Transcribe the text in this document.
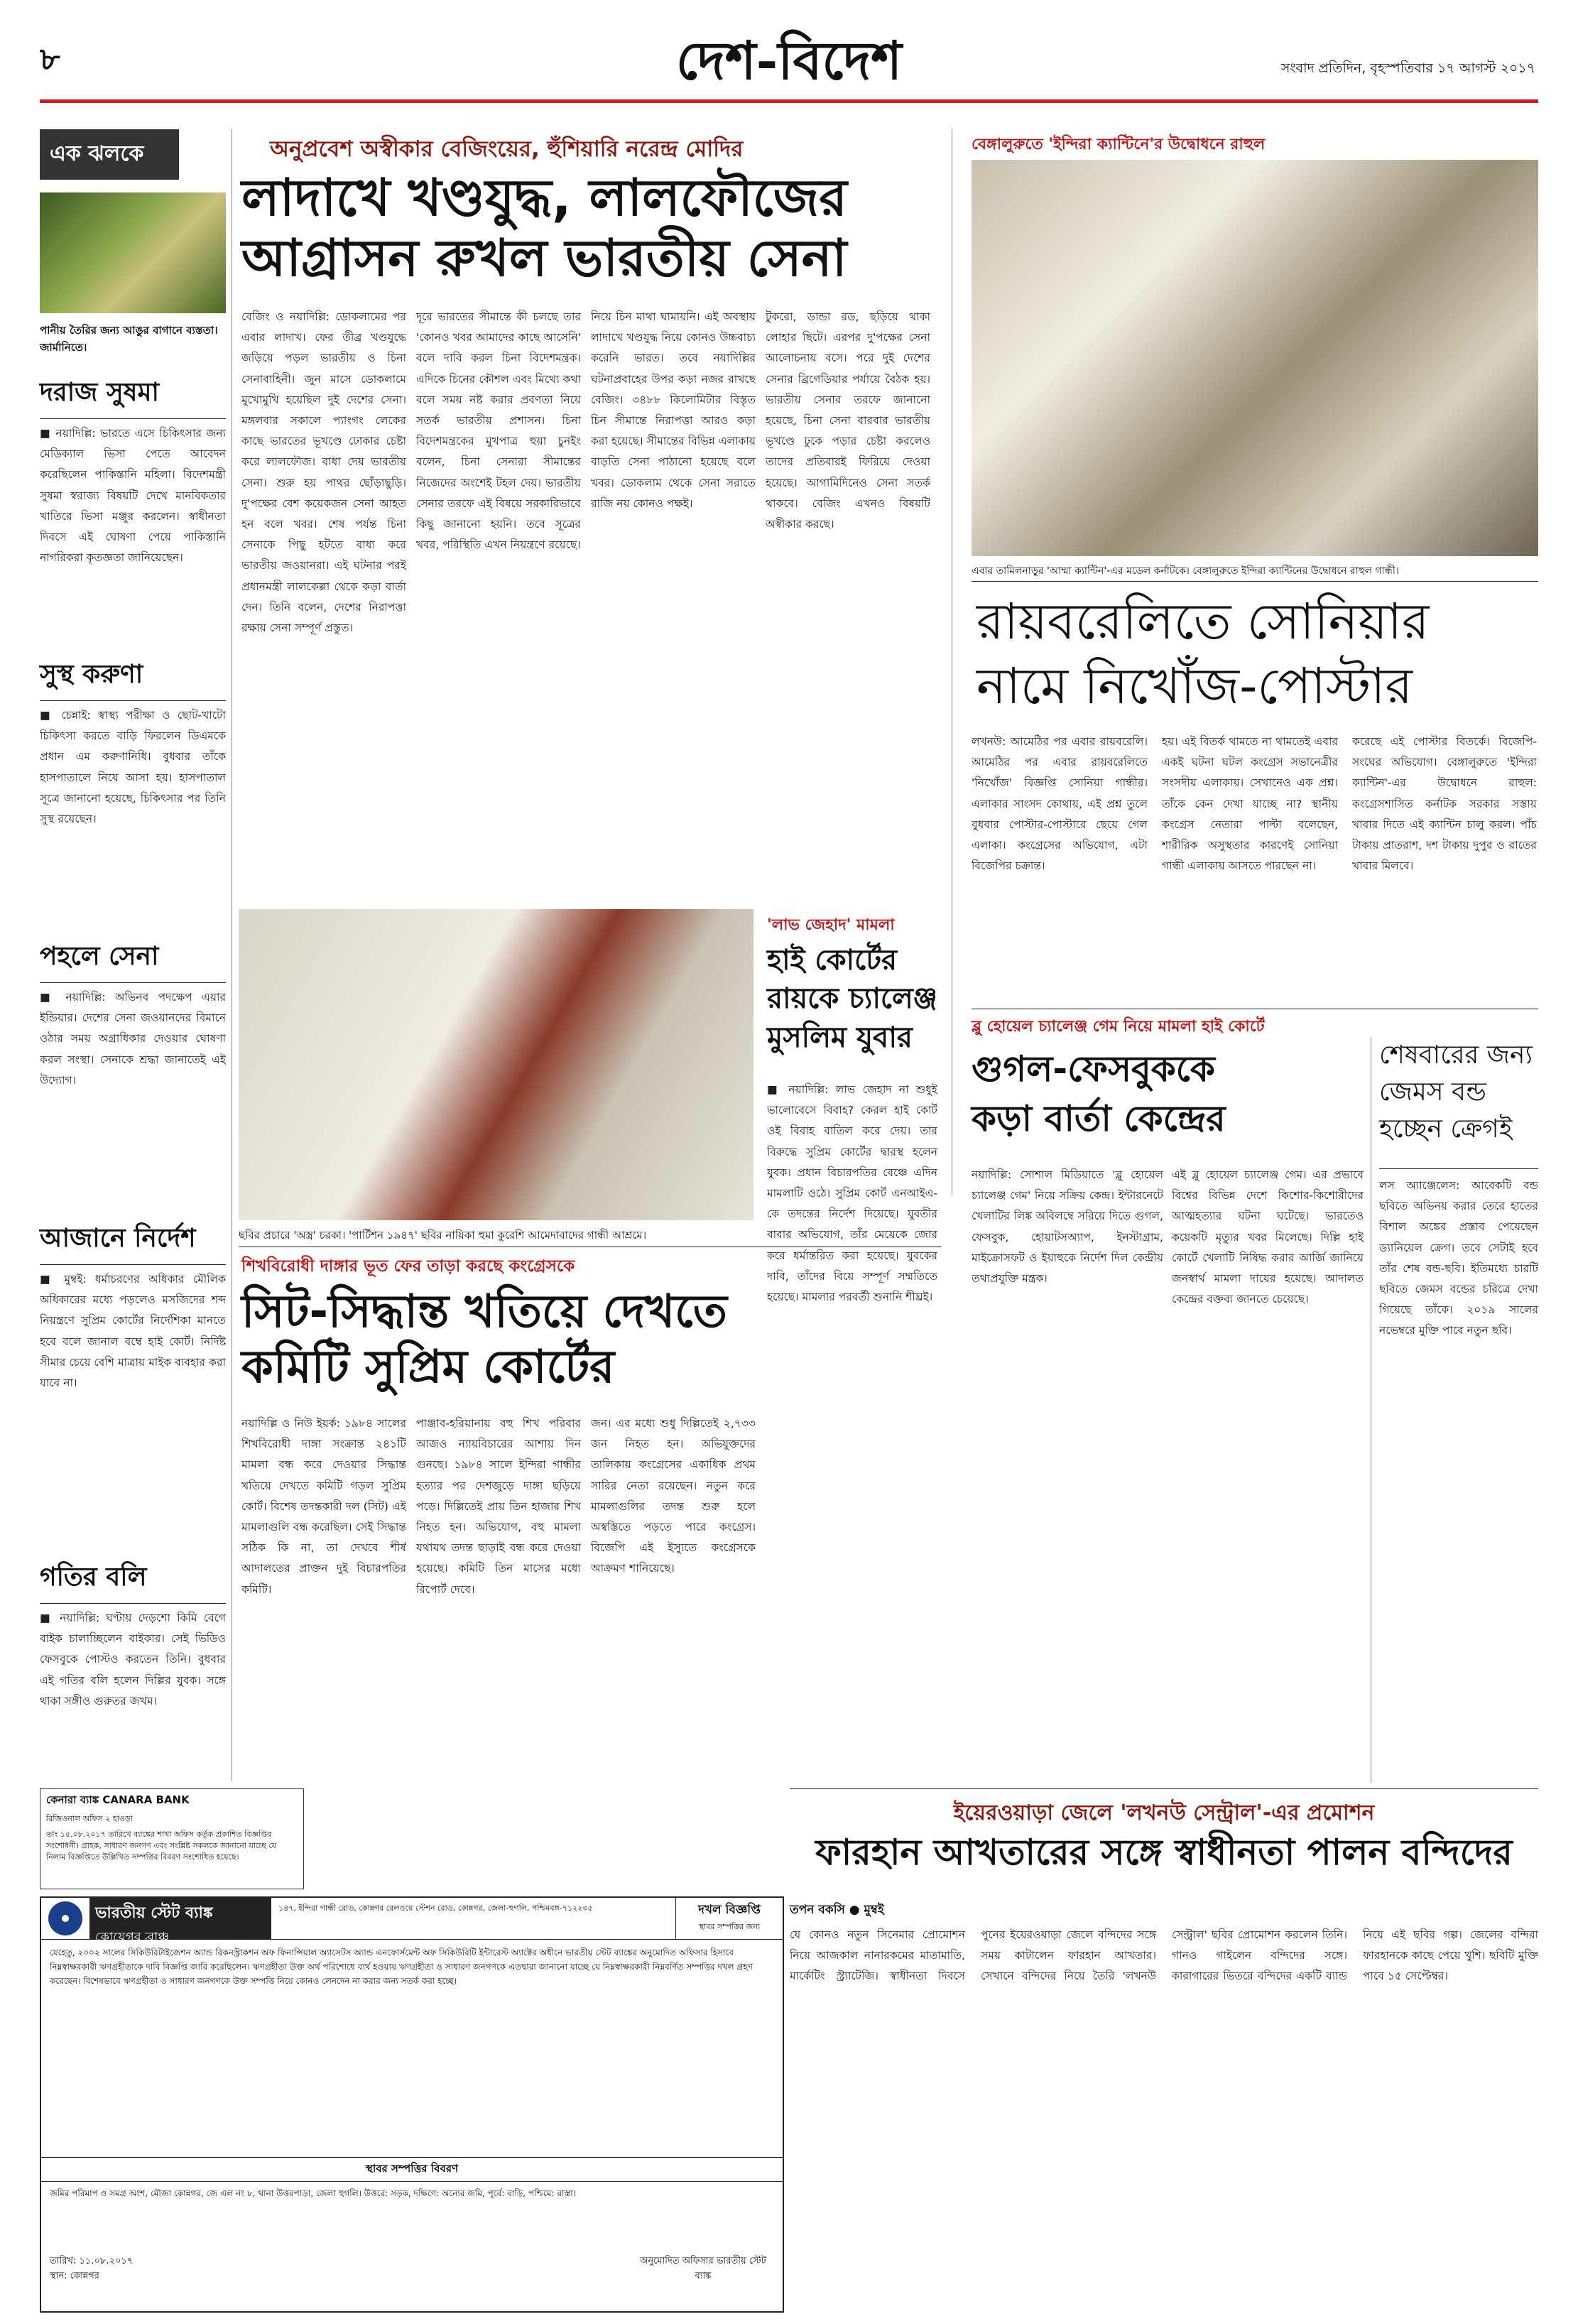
৮	দেশ-বিদেশ	সংবাদ প্রতিদিন, বৃহস্পতিবার ১৭ আগস্ট ২০১৭
এক ঝলকে
পানীয় তৈরির জন্য আঙুর বাগানে ব্যস্ততা। জার্মানিতে।
দরাজ সুষমা
■ নয়াদিল্লি: ভারতে এসে চিকিৎসার জন্য মেডিক্যাল ভিসা পেতে আবেদন করেছিলেন পাকিস্তানি মহিলা। বিদেশমন্ত্রী সুষমা স্বরাজ্য বিষয়টি দেখে মানবিকতার খাতিরে ভিসা মঞ্জুর করলেন। স্বাধীনতা দিবসে এই ঘোষণা পেয়ে পাকিস্তানি নাগরিকরা কৃতজ্ঞতা জানিয়েছেন।
সুস্থ করুণা
■ চেন্নাই: স্বাস্থ্য পরীক্ষা ও ছোট-খাটো চিকিৎসা করতে বাড়ি ফিরলেন ডিএমকে প্রধান এম করুণানিধি। বুধবার তাঁকে হাসপাতালে নিয়ে আসা হয়। হাসপাতাল সূত্রে জানানো হয়েছে, চিকিৎসার পর তিনি সুস্থ রয়েছেন।
পহলে সেনা
■ নয়াদিল্লি: অভিনব পদক্ষেপ এয়ার ইন্ডিয়ার। দেশের সেনা জওয়ানদের বিমানে ওঠার সময় অগ্রাধিকার দেওয়ার ঘোষণা করল সংস্থা। সেনাকে শ্রদ্ধা জানাতেই এই উদ্যোগ।
আজানে নির্দেশ
■ মুম্বই: ধর্মাচরণের অধিকার মৌলিক অধিকারের মধ্যে পড়লেও মসজিদের শব্দ নিয়ন্ত্রণে সুপ্রিম কোর্টের নির্দেশিকা মানতে হবে বলে জানাল বম্বে হাই কোর্ট। নির্দিষ্ট সীমার চেয়ে বেশি মাত্রায় মাইক ব্যবহার করা যাবে না।
গতির বলি
■ নয়াদিল্লি: ঘণ্টায় দেড়শো কিমি বেগে বাইক চালাচ্ছিলেন বাইকার। সেই ভিডিও ফেসবুকে পোস্টও করতেন তিনি। বুধবার এই গতির বলি হলেন দিল্লির যুবক। সঙ্গে থাকা সঙ্গীও গুরুতর জখম।
অনুপ্রবেশ অস্বীকার বেজিংয়ের, হুঁশিয়ারি নরেন্দ্র মোদির
লাদাখে খণ্ডযুদ্ধ, লালফৌজের
আগ্রাসন রুখল ভারতীয় সেনা
বেজিং ও নয়াদিল্লি: ডোকলামের পর এবার লাদাখ। ফের তীব্র খণ্ডযুদ্ধে জড়িয়ে পড়ল ভারতীয় ও চিনা সেনাবাহিনী। জুন মাসে ডোকলামে মুখোমুখি হয়েছিল দুই দেশের সেনা। মঙ্গলবার সকালে প্যাংগং লেকের কাছে ভারতের ভূখণ্ডে ঢোকার চেষ্টা করে লালফৌজ। বাধা দেয় ভারতীয় সেনা। শুরু হয় পাথর ছোঁড়াছুড়ি। দু'পক্ষের বেশ কয়েকজন সেনা আহত হন বলে খবর। শেষ পর্যন্ত চিনা সেনাকে পিছু হটতে বাধ্য করে ভারতীয় জওয়ানরা। এই ঘটনার পরই প্রধানমন্ত্রী লালকেল্লা থেকে কড়া বার্তা দেন। তিনি বলেন, দেশের নিরাপত্তা রক্ষায় সেনা সম্পূর্ণ প্রস্তুত।
দূরে ভারতের সীমান্তে কী চলছে তার 'কোনও খবর আমাদের কাছে আসেনি' বলে দাবি করল চিনা বিদেশমন্ত্রক। এদিকে চিনের কৌশল এবং মিথ্যে কথা বলে সময় নষ্ট করার প্রবণতা নিয়ে সতর্ক ভারতীয় প্রশাসন। চিনা বিদেশমন্ত্রকের মুখপাত্র হুয়া চুনইং বলেন, চিনা সেনারা সীমান্তের নিজেদের অংশেই টহল দেয়। ভারতীয় সেনার তরফে এই বিষয়ে সরকারিভাবে কিছু জানানো হয়নি। তবে সূত্রের খবর, পরিস্থিতি এখন নিয়ন্ত্রণে রয়েছে।
নিয়ে চিন মাথা ঘামায়নি। এই অবস্থায় লাদাখে খণ্ডযুদ্ধ নিয়ে কোনও উচ্চবাচ্য করেনি ভারত। তবে নয়াদিল্লির ঘটনাপ্রবাহের উপর কড়া নজর রাখছে বেজিং। ৩৪৮৮ কিলোমিটার বিস্তৃত চিন সীমান্তে নিরাপত্তা আরও কড়া করা হয়েছে। সীমান্তের বিভিন্ন এলাকায় বাড়তি সেনা পাঠানো হয়েছে বলে খবর। ডোকলাম থেকে সেনা সরাতে রাজি নয় কোনও পক্ষই।
টুকরো, ডান্ডা রড, ছড়িয়ে থাকা লোহার ছিটে। এরপর দু'পক্ষের সেনা আলোচনায় বসে। পরে দুই দেশের সেনার ব্রিগেডিয়ার পর্যায়ে বৈঠক হয়। ভারতীয় সেনার তরফে জানানো হয়েছে, চিনা সেনা বারবার ভারতীয় ভূখণ্ডে ঢুকে পড়ার চেষ্টা করলেও তাদের প্রতিবারই ফিরিয়ে দেওয়া হয়েছে। আগামিদিনেও সেনা সতর্ক থাকবে। বেজিং এখনও বিষয়টি অস্বীকার করছে।
ছবির প্রচারে 'অস্ত্র' চরকা। 'পার্টিশন ১৯৪৭' ছবির নায়িকা হুমা কুরেশি আমেদাবাদের গান্ধী আশ্রমে।
'লাভ জেহাদ' মামলা
হাই কোর্টের রায়কে চ্যালেঞ্জ মুসলিম যুবার
■ নয়াদিল্লি: লাভ জেহাদ না শুধুই ভালোবেসে বিবাহ? কেরল হাই কোর্ট ওই বিবাহ বাতিল করে দেয়। তার বিরুদ্ধে সুপ্রিম কোর্টের দ্বারস্থ হলেন যুবক। প্রধান বিচারপতির বেঞ্চে এদিন মামলাটি ওঠে। সুপ্রিম কোর্ট এনআইএ-কে তদন্তের নির্দেশ দিয়েছে। যুবতীর বাবার অভিযোগ, তাঁর মেয়েকে জোর করে ধর্মান্তরিত করা হয়েছে। যুবকের দাবি, তাঁদের বিয়ে সম্পূর্ণ সম্মতিতে হয়েছে। মামলার পরবর্তী শুনানি শীঘ্রই।
শিখবিরোধী দাঙ্গার ভূত ফের তাড়া করছে কংগ্রেসকে
সিট-সিদ্ধান্ত খতিয়ে দেখতে
কমিটি সুপ্রিম কোর্টের
নয়াদিল্লি ও নিউ ইয়র্ক: ১৯৮৪ সালের শিখবিরোধী দাঙ্গা সংক্রান্ত ২৪১টি মামলা বন্ধ করে দেওয়ার সিদ্ধান্ত খতিয়ে দেখতে কমিটি গড়ল সুপ্রিম কোর্ট। বিশেষ তদন্তকারী দল (সিট) এই মামলাগুলি বন্ধ করেছিল। সেই সিদ্ধান্ত সঠিক কি না, তা দেখবে শীর্ষ আদালতের প্রাক্তন দুই বিচারপতির কমিটি।
পাঞ্জাব-হরিয়ানায় বহু শিখ পরিবার আজও ন্যায়বিচারের আশায় দিন গুনছে। ১৯৮৪ সালে ইন্দিরা গান্ধীর হত্যার পর দেশজুড়ে দাঙ্গা ছড়িয়ে পড়ে। দিল্লিতেই প্রায় তিন হাজার শিখ নিহত হন। অভিযোগ, বহু মামলা যথাযথ তদন্ত ছাড়াই বন্ধ করে দেওয়া হয়েছে। কমিটি তিন মাসের মধ্যে রিপোর্ট দেবে।
জন। এর মধ্যে শুধু দিল্লিতেই ২,৭৩৩ জন নিহত হন। অভিযুক্তদের তালিকায় কংগ্রেসের একাধিক প্রথম সারির নেতা রয়েছেন। নতুন করে মামলাগুলির তদন্ত শুরু হলে অস্বস্তিতে পড়তে পারে কংগ্রেস। বিজেপি এই ইস্যুতে কংগ্রেসকে আক্রমণ শানিয়েছে।
বেঙ্গালুরুতে 'ইন্দিরা ক্যান্টিনে'র উদ্বোধনে রাহুল
এবার তামিলনাড়ুর 'আম্মা ক্যান্টিন'-এর মডেল কর্নাটকে। বেঙ্গালুরুতে ইন্দিরা ক্যান্টিনের উদ্বোধনে রাহুল গান্ধী।
রায়বরেলিতে সোনিয়ার
নামে নিখোঁজ-পোস্টার
লখনউ: আমেঠির পর এবার রায়বরেলি। আমেঠির পর এবার রায়বরেলিতে 'নিখোঁজ' বিজ্ঞপ্তি সোনিয়া গান্ধীর। এলাকার সাংসদ কোথায়, এই প্রশ্ন তুলে বুধবার পোস্টার-পোস্টারে ছেয়ে গেল এলাকা। কংগ্রেসের অভিযোগ, এটা বিজেপির চক্রান্ত।
হয়। এই বিতর্ক থামতে না থামতেই এবার একই ঘটনা ঘটল কংগ্রেস সভানেত্রীর সংসদীয় এলাকায়। সেখানেও এক প্রশ্ন। তাঁকে কেন দেখা যাচ্ছে না? স্থানীয় কংগ্রেস নেতারা পাল্টা বলেছেন, শারীরিক অসুস্থতার কারণেই সোনিয়া গান্ধী এলাকায় আসতে পারছেন না।
করেছে এই পোস্টার বিতর্কে। বিজেপি-সংঘের অভিযোগ। বেঙ্গালুরুতে 'ইন্দিরা ক্যান্টিন'-এর উদ্বোধনে রাহুল: কংগ্রেসশাসিত কর্নাটক সরকার সস্তায় খাবার দিতে এই ক্যান্টিন চালু করল। পাঁচ টাকায় প্রাতরাশ, দশ টাকায় দুপুর ও রাতের খাবার মিলবে।
ব্লু হোয়েল চ্যালেঞ্জ গেম নিয়ে মামলা হাই কোর্টে
গুগল-ফেসবুককে
কড়া বার্তা কেন্দ্রের
নয়াদিল্লি: সোশাল মিডিয়াতে 'ব্লু হোয়েল চ্যালেঞ্জ গেম' নিয়ে সক্রিয় কেন্দ্র। ইন্টারনেটে খেলাটির লিঙ্ক অবিলম্বে সরিয়ে দিতে গুগল, ফেসবুক, হোয়াটসঅ্যাপ, ইনস্টাগ্রাম, মাইক্রোসফট ও ইয়াহুকে নির্দেশ দিল কেন্দ্রীয় তথ্যপ্রযুক্তি মন্ত্রক।
এই ব্লু হোয়েল চ্যালেঞ্জ গেম। এর প্রভাবে বিশ্বের বিভিন্ন দেশে কিশোর-কিশোরীদের আত্মহত্যার ঘটনা ঘটেছে। ভারতেও কয়েকটি মৃত্যুর খবর মিলেছে। দিল্লি হাই কোর্টে খেলাটি নিষিদ্ধ করার আর্জি জানিয়ে জনস্বার্থ মামলা দায়ের হয়েছে। আদালত কেন্দ্রের বক্তব্য জানতে চেয়েছে।
শেষবারের জন্য জেমস বন্ড হচ্ছেন ক্রেগই
লস অ্যাঞ্জেলেস: আবেকটি বন্ড ছবিতে অভিনয় করার তেরে হাতের বিশাল অঙ্কের প্রস্তাব পেয়েছেন ড্যানিয়েল ক্রেগ। তবে সেটাই হবে তাঁর শেষ বন্ড-ছবি। ইতিমধ্যে চারটি ছবিতে জেমস বন্ডের চরিত্রে দেখা গিয়েছে তাঁকে। ২০১৯ সালের নভেম্বরে মুক্তি পাবে নতুন ছবি।
কেনারা ব্যাঙ্ক CANARA BANK
রিজিওনাল অফিস ২ হাওড়া
তাং ১৫.০৮.২০১৭ তারিখে ব্যাঙ্কের শাখা অফিস কর্তৃক প্রকাশিত বিজ্ঞপ্তির সংশোধনী। গ্রাহক, সাধারণ জনগণ এবং সংশ্লিষ্ট সকলকে জানানো যাচ্ছে যে নিলাম বিজ্ঞপ্তিতে উল্লিখিত সম্পত্তির বিবরণ সংশোধিত হয়েছে।
ভারতীয় স্টেট ব্যাঙ্ক
কোয়েগর ব্রাঞ্চ
১৪৭, ইন্দিরা গান্ধী রোড, কোন্নগর রেলওয়ে স্টেশন রোড, কোন্নগর, জেলা-হুগলি, পশ্চিমবঙ্গ-৭১২২৩৫	দখল বিজ্ঞপ্তি
স্থাবর সম্পত্তির জন্য
যেহেতু, ২০০২ সালের সিকিউরিটাইজেশন অ্যান্ড রিকনস্ট্রাকশন অফ ফিনান্সিয়াল অ্যাসেটস অ্যান্ড এনফোর্সমেন্ট অফ সিকিউরিটি ইন্টারেস্ট অ্যাক্টের অধীনে ভারতীয় স্টেট ব্যাঙ্কের অনুমোদিত অফিসার হিসাবে নিম্নস্বাক্ষরকারী ঋণগ্রহীতাকে দাবি বিজ্ঞপ্তি জারি করেছিলেন। ঋণগ্রহীতা উক্ত অর্থ পরিশোধে ব্যর্থ হওয়ায় ঋণগ্রহীতা ও সাধারণ জনগণকে এতদ্বারা জানানো যাচ্ছে যে নিম্নস্বাক্ষরকারী নিম্নবর্ণিত সম্পত্তির দখল গ্রহণ করেছেন। বিশেষভাবে ঋণগ্রহীতা ও সাধারণ জনগণকে উক্ত সম্পত্তি নিয়ে কোনও লেনদেন না করার জন্য সতর্ক করা হচ্ছে।
স্থাবর সম্পত্তির বিবরণ
জমির পরিমাপ ও সমগ্র অংশ, মৌজা কোন্নগর, জে এল নং ৮, থানা উত্তরপাড়া, জেলা হুগলি। উত্তরে: সড়ক, দক্ষিণে: অন্যের জমি, পূর্বে: বাড়ি, পশ্চিমে: রাস্তা।
তারিখ: ১১.০৮.২০১৭
স্থান: কোন্নগর
অনুমোদিত অফিসার ভারতীয় স্টেট ব্যাঙ্ক
ইয়েরওয়াড়া জেলে 'লখনউ সেন্ট্রাল'-এর প্রমোশন
ফারহান আখতারের সঙ্গে স্বাধীনতা পালন বন্দিদের
তপন বকসি ● মুম্বই
যে কোনও নতুন সিনেমার প্রোমোশন নিয়ে আজকাল নানারকমের মাতামাতি, মার্কেটিং স্ট্র্যাটেজি। স্বাধীনতা দিবসে পুনের ইয়েরওয়াড়া জেলে বন্দিদের সঙ্গে সময় কাটালেন ফারহান আখতার। সেখানে বন্দিদের নিয়ে তৈরি 'লখনউ সেন্ট্রাল' ছবির প্রোমোশন করলেন তিনি। গানও গাইলেন বন্দিদের সঙ্গে। কারাগারের ভিতরে বন্দিদের একটি ব্যান্ড নিয়ে এই ছবির গল্প। জেলের বন্দিরা ফারহানকে কাছে পেয়ে খুশি। ছবিটি মুক্তি পাবে ১৫ সেপ্টেম্বর।
